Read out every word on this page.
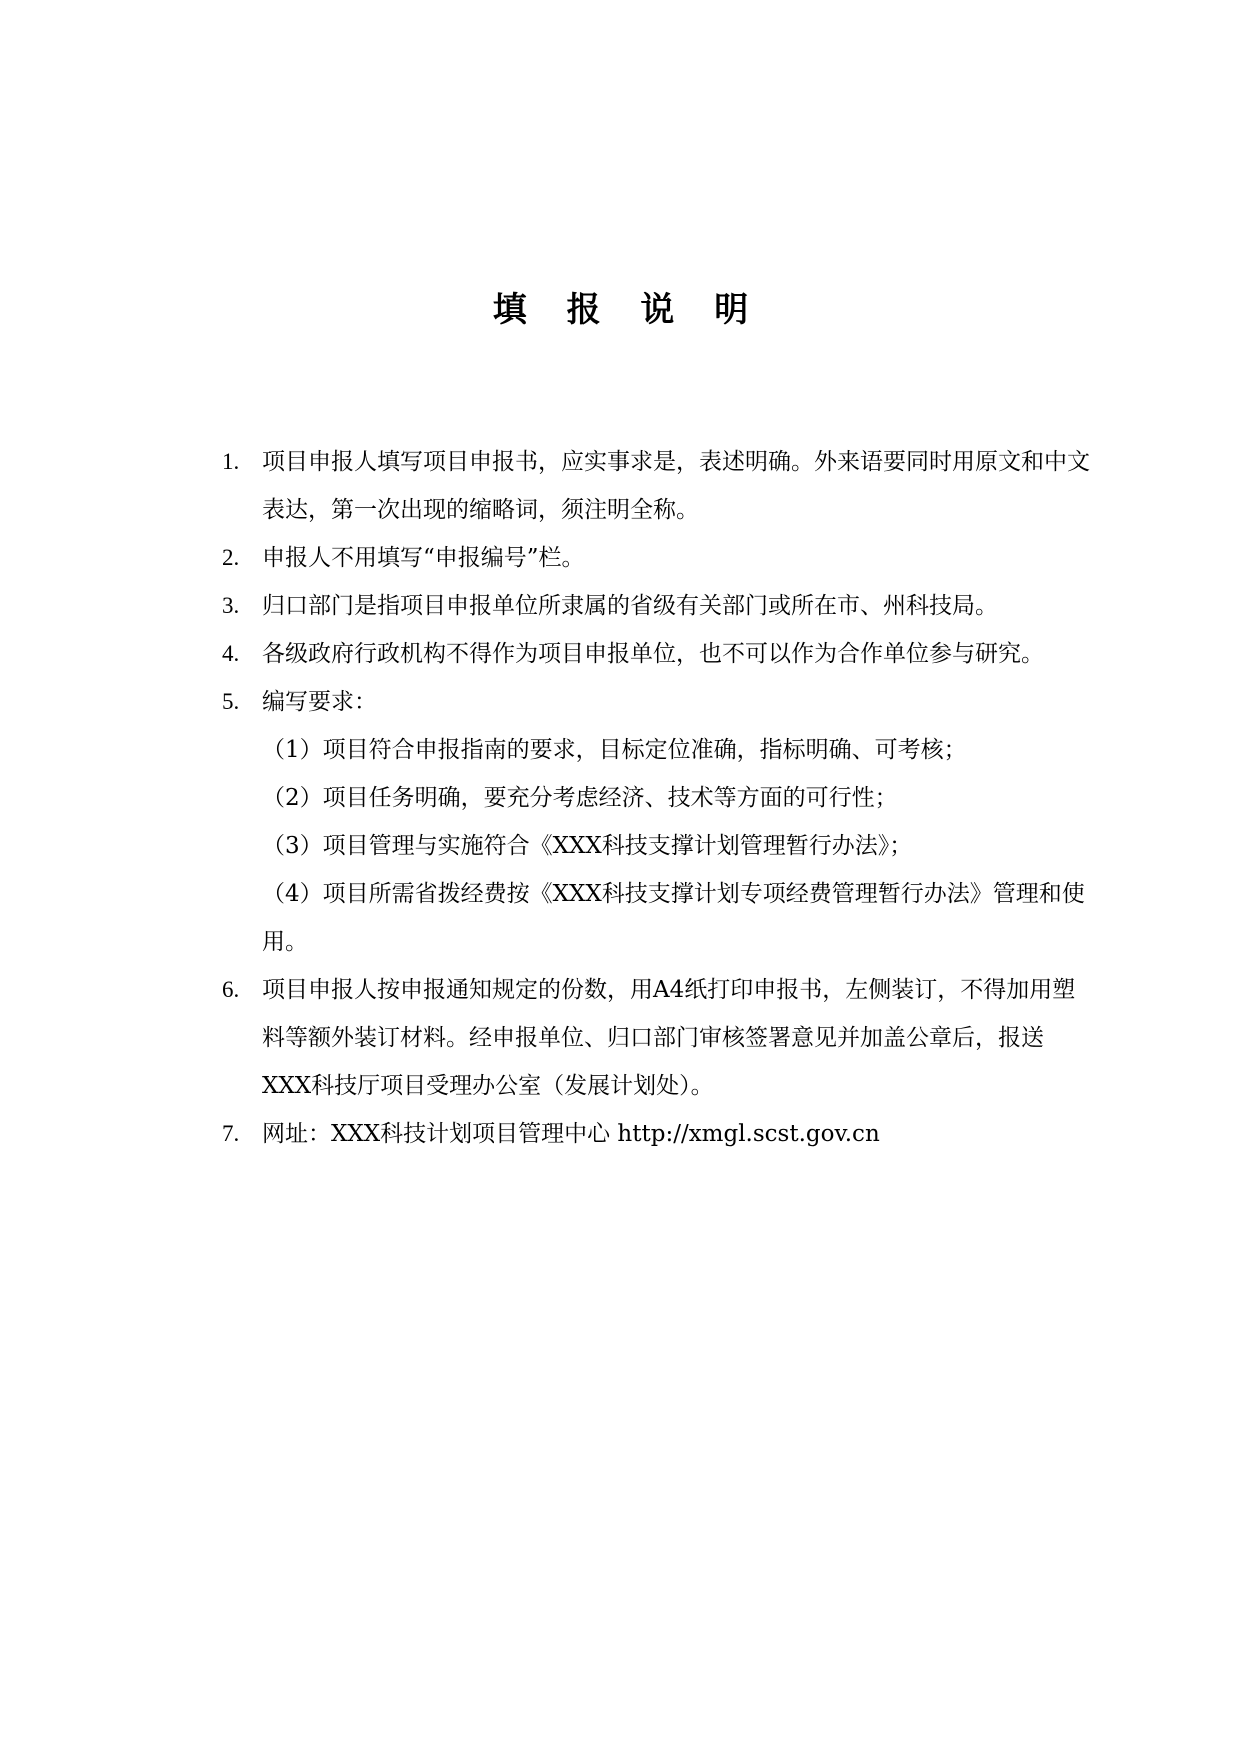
填 报 说 明
1. 项目申报人填写项目申报书，应实事求是，表述明确。外来语要同时用原文和中文表达，第一次出现的缩略词，须注明全称。
2. 申报人不用填写“申报编号”栏。
3. 归口部门是指项目申报单位所隶属的省级有关部门或所在市、州科技局。
4. 各级政府行政机构不得作为项目申报单位，也不可以作为合作单位参与研究。
5. 编写要求：
（1）项目符合申报指南的要求，目标定位准确，指标明确、可考核；
（2）项目任务明确，要充分考虑经济、技术等方面的可行性；
（3）项目管理与实施符合《XXX科技支撑计划管理暂行办法》；
（4）项目所需省拨经费按《XXX科技支撑计划专项经费管理暂行办法》管理和使用。
6. 项目申报人按申报通知规定的份数，用A4纸打印申报书，左侧装订，不得加用塑料等额外装订材料。经申报单位、归口部门审核签署意见并加盖公章后，报送XXX科技厅项目受理办公室（发展计划处）。
7. 网址：XXX科技计划项目管理中心 http://xmgl.scst.gov.cn
